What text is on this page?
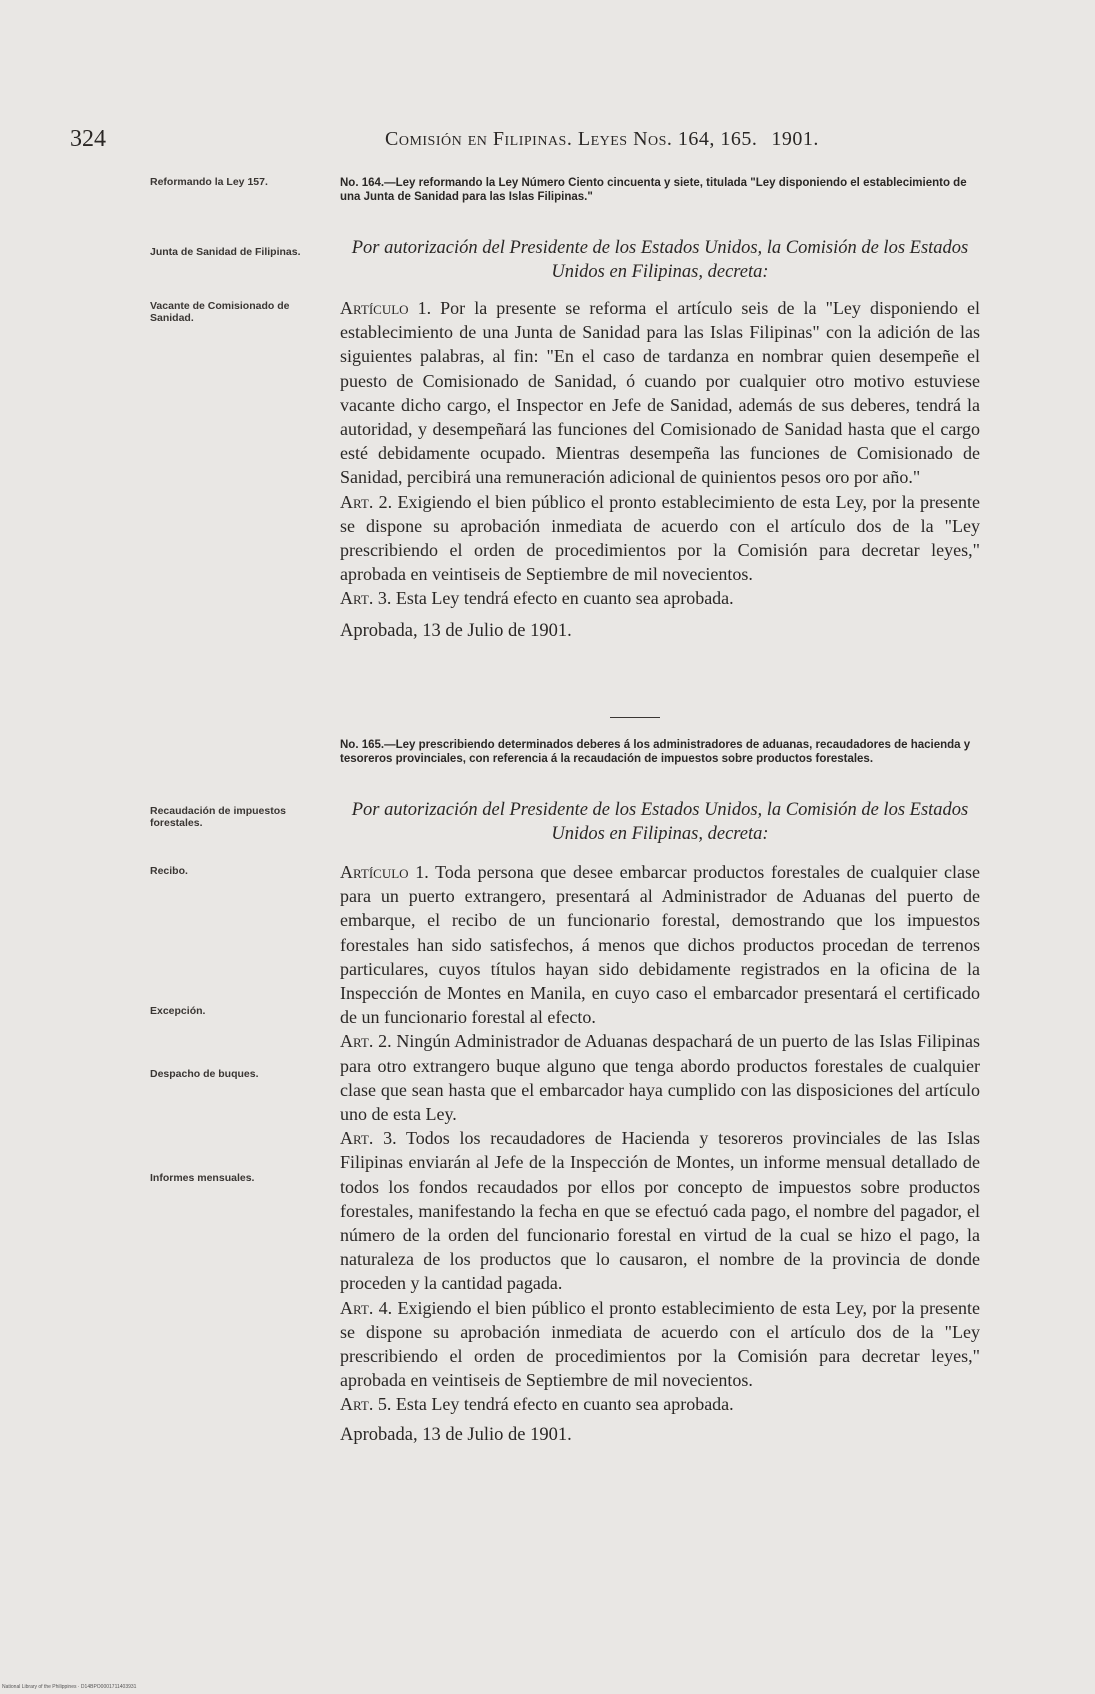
324	Comisión en Filipinas. Leyes Nos. 164, 165. 1901.
Reformando la Ley 157.	No. 164.—Ley reformando la Ley Número Ciento cincuenta y siete, titulada "Ley disponiendo el establecimiento de una Junta de Sanidad para las Islas Filipinas."
Junta de Sanidad de Filipinas.	Por autorización del Presidente de los Estados Unidos, la Comisión de los Estados Unidos en Filipinas, decreta:
Vacante de Comisionado de Sanidad.	Artículo 1. Por la presente se reforma el artículo seis de la "Ley disponiendo el establecimiento de una Junta de Sanidad para las Islas Filipinas" con la adición de las siguientes palabras, al fin: "En el caso de tardanza en nombrar quien desempeñe el puesto de Comisionado de Sanidad, ó cuando por cualquier otro motivo estuviese vacante dicho cargo, el Inspector en Jefe de Sanidad, además de sus deberes, tendrá la autoridad, y desempeñará las funciones del Comisionado de Sanidad hasta que el cargo esté debidamente ocupado. Mientras desempeña las funciones de Comisionado de Sanidad, percibirá una remuneración adicional de quinientos pesos oro por año."

Art. 2. Exigiendo el bien público el pronto establecimiento de esta Ley, por la presente se dispone su aprobación inmediata de acuerdo con el artículo dos de la "Ley prescribiendo el orden de procedimientos por la Comisión para decretar leyes," aprobada en veintiseis de Septiembre de mil novecientos.

Art. 3. Esta Ley tendrá efecto en cuanto sea aprobada.

Aprobada, 13 de Julio de 1901.

No. 165.—Ley prescribiendo determinados deberes á los administradores de aduanas, recaudadores de hacienda y tesoreros provinciales, con referencia á la recaudación de impuestos sobre productos forestales.
Recaudación de impuestos forestales.
Por autorización del Presidente de los Estados Unidos, la Comisión de los Estados Unidos en Filipinas, decreta:
Recibo.
Excepción.
Despacho de buques.
Informes mensuales.

Artículo 1. Toda persona que desee embarcar productos forestales de cualquier clase para un puerto extrangero, presentará al Administrador de Aduanas del puerto de embarque, el recibo de un funcionario forestal, demostrando que los impuestos forestales han sido satisfechos, á menos que dichos productos procedan de terrenos particulares, cuyos títulos hayan sido debidamente registrados en la oficina de la Inspección de Montes en Manila, en cuyo caso el embarcador presentará el certificado de un funcionario forestal al efecto.

Art. 2. Ningún Administrador de Aduanas despachará de un puerto de las Islas Filipinas para otro extrangero buque alguno que tenga abordo productos forestales de cualquier clase que sean hasta que el embarcador haya cumplido con las disposiciones del artículo uno de esta Ley.

Art. 3. Todos los recaudadores de Hacienda y tesoreros provinciales de las Islas Filipinas enviarán al Jefe de la Inspección de Montes, un informe mensual detallado de todos los fondos recaudados por ellos por concepto de impuestos sobre productos forestales, manifestando la fecha en que se efectuó cada pago, el nombre del pagador, el número de la orden del funcionario forestal en virtud de la cual se hizo el pago, la naturaleza de los productos que lo causaron, el nombre de la provincia de donde proceden y la cantidad pagada.

Art. 4. Exigiendo el bien público el pronto establecimiento de esta Ley, por la presente se dispone su aprobación inmediata de acuerdo con el artículo dos de la "Ley prescribiendo el orden de procedimientos por la Comisión para decretar leyes," aprobada en veintiseis de Septiembre de mil novecientos.

Art. 5. Esta Ley tendrá efecto en cuanto sea aprobada.

Aprobada, 13 de Julio de 1901.

National Library of the Philippines · D14BPO0001711403931
